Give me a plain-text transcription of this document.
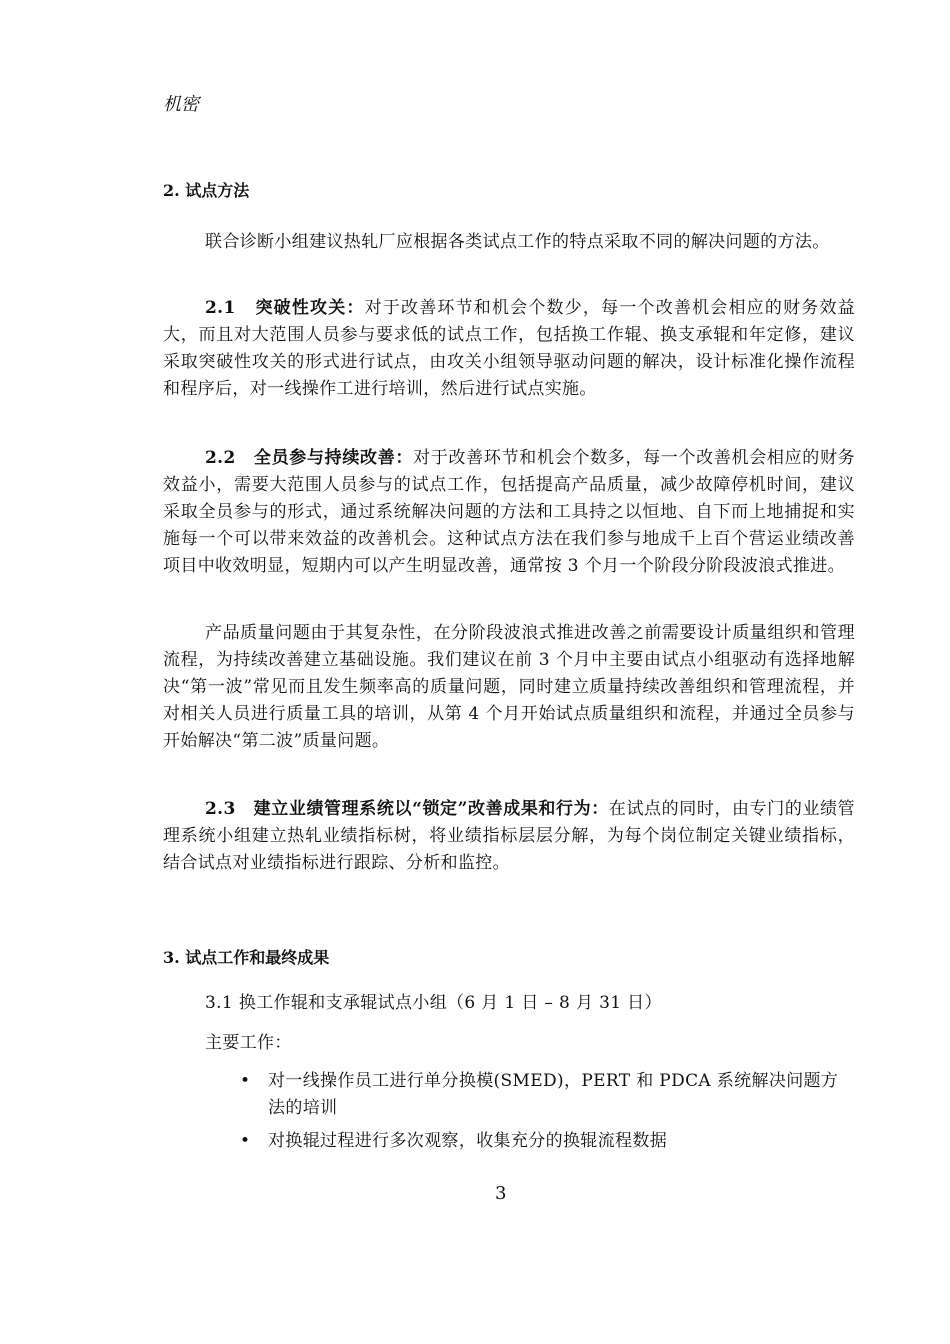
机密
2. 试点方法

联合诊断小组建议热轧厂应根据各类试点工作的特点采取不同的解决问题的方法。

2.1 突破性攻关：对于改善环节和机会个数少，每一个改善机会相应的财务效益大，而且对大范围人员参与要求低的试点工作，包括换工作辊、换支承辊和年定修，建议采取突破性攻关的形式进行试点，由攻关小组领导驱动问题的解决，设计标准化操作流程和程序后，对一线操作工进行培训，然后进行试点实施。

2.2 全员参与持续改善：对于改善环节和机会个数多，每一个改善机会相应的财务效益小，需要大范围人员参与的试点工作，包括提高产品质量，减少故障停机时间，建议采取全员参与的形式，通过系统解决问题的方法和工具持之以恒地、自下而上地捕捉和实施每一个可以带来效益的改善机会。这种试点方法在我们参与地成千上百个营运业绩改善项目中收效明显，短期内可以产生明显改善，通常按 3 个月一个阶段分阶段波浪式推进。

产品质量问题由于其复杂性，在分阶段波浪式推进改善之前需要设计质量组织和管理流程，为持续改善建立基础设施。我们建议在前 3 个月中主要由试点小组驱动有选择地解决“第一波”常见而且发生频率高的质量问题，同时建立质量持续改善组织和管理流程，并对相关人员进行质量工具的培训，从第 4 个月开始试点质量组织和流程，并通过全员参与开始解决“第二波”质量问题。

2.3 建立业绩管理系统以“锁定”改善成果和行为：在试点的同时，由专门的业绩管理系统小组建立热轧业绩指标树，将业绩指标层层分解，为每个岗位制定关键业绩指标，结合试点对业绩指标进行跟踪、分析和监控。

3. 试点工作和最终成果
3.1 换工作辊和支承辊试点小组（6 月 1 日 – 8 月 31 日）
主要工作：
• 对一线操作员工进行单分换模(SMED)，PERT 和 PDCA 系统解决问题方法的培训
• 对换辊过程进行多次观察，收集充分的换辊流程数据
3
